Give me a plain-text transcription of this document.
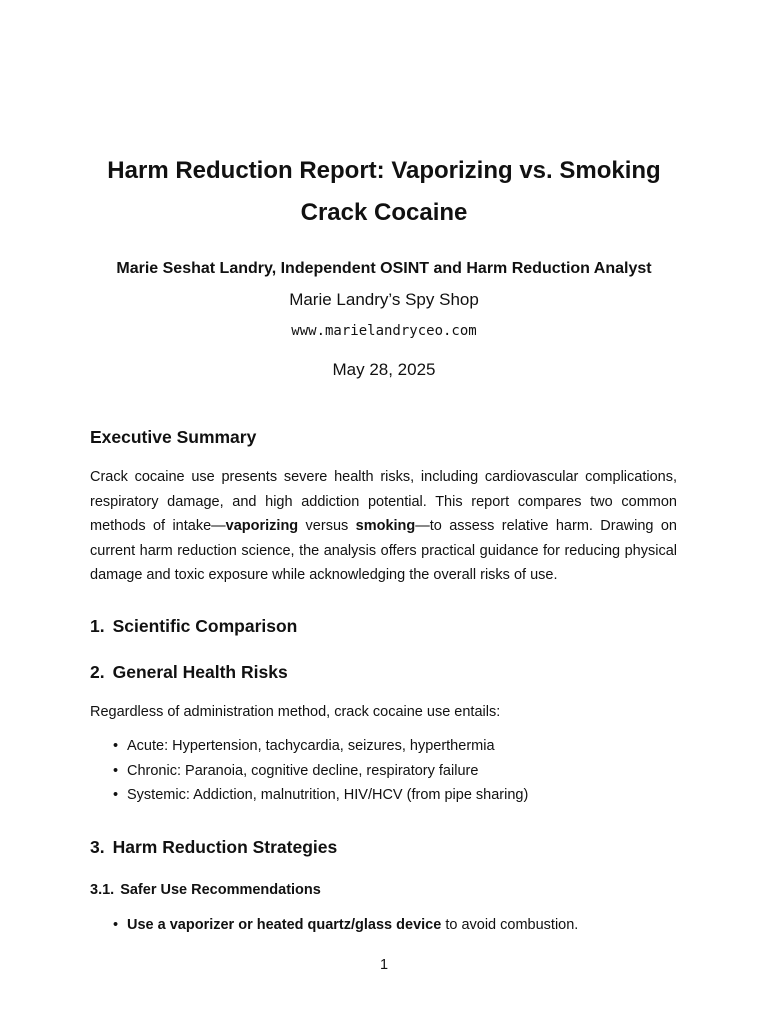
Harm Reduction Report: Vaporizing vs. Smoking Crack Cocaine

Marie Seshat Landry, Independent OSINT and Harm Reduction Analyst

Marie Landry’s Spy Shop

www.marielandryceo.com

May 28, 2025

Executive Summary

Crack cocaine use presents severe health risks, including cardiovascular complications, respiratory damage, and high addiction potential. This report compares two common methods of intake—vaporizing versus smoking—to assess relative harm. Drawing on current harm reduction science, the analysis offers practical guidance for reducing physical damage and toxic exposure while acknowledging the overall risks of use.

1. Scientific Comparison
2. General Health Risks

Regardless of administration method, crack cocaine use entails:

• Acute: Hypertension, tachycardia, seizures, hyperthermia
• Chronic: Paranoia, cognitive decline, respiratory failure
• Systemic: Addiction, malnutrition, HIV/HCV (from pipe sharing)
3. Harm Reduction Strategies
3.1. Safer Use Recommendations
• Use a vaporizer or heated quartz/glass device to avoid combustion.

1
